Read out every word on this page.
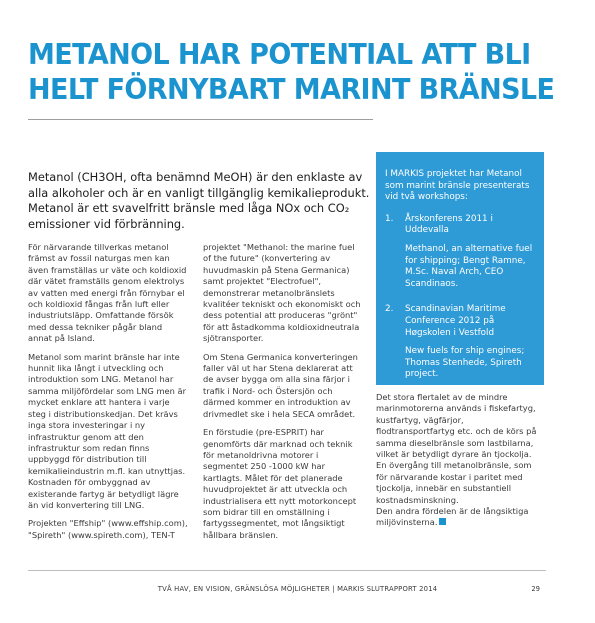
METANOL HAR POTENTIAL ATT BLI
HELT FÖRNYBART MARINT BRÄNSLE

Metanol (CH3OH, ofta benämnd MeOH) är den enklaste av alla alkoholer och är en vanligt tillgänglig kemikalieprodukt. Metanol är ett svavelfritt bränsle med låga NOx och CO₂ emissioner vid förbränning.

För närvarande tillverkas metanol främst av fossil naturgas men kan även framställas ur väte och koldioxid där vätet framställs genom elektrolys av vatten med energi från förnybar el och koldioxid fångas från luft eller industriutsläpp. Omfattande försök med dessa tekniker pågår bland annat på Island.

Metanol som marint bränsle har inte hunnit lika långt i utveckling och introduktion som LNG. Metanol har samma miljöfördelar som LNG men är mycket enklare att hantera i varje steg i distributionskedjan. Det krävs inga stora investeringar i ny infrastruktur genom att den infrastruktur som redan finns uppbyggd för distribution till kemikalieindustrin m.fl. kan utnyttjas. Kostnaden för ombyggnad av existerande fartyg är betydligt lägre än vid konvertering till LNG.

Projekten "Effship" (www.effship.com), "Spireth" (www.spireth.com), TEN-T

projektet "Methanol: the marine fuel of the future" (konvertering av huvudmaskin på Stena Germanica) samt projektet "Electrofuel", demonstrerar metanolbränslets kvalitéer tekniskt och ekonomiskt och dess potential att produceras "grönt" för att åstadkomma koldioxidneutrala sjötransporter.

Om Stena Germanica konverteringen faller väl ut har Stena deklarerat att de avser bygga om alla sina färjor i trafik i Nord- och Östersjön och därmed kommer en introduktion av drivmedlet ske i hela SECA området.

En förstudie (pre-ESPRIT) har genomförts där marknad och teknik för metanoldrivna motorer i segmentet 250 -1000 kW har kartlagts. Målet för det planerade huvudprojektet är att utveckla och industrialisera ett nytt motorkoncept som bidrar till en omställning i fartygssegmentet, mot långsiktigt hållbara bränslen.

I MARKIS projektet har Metanol som marint bränsle presenterats vid två workshops:

1.	Årskonferens 2011 i Uddevalla
Methanol, an alternative fuel for shipping; Bengt Ramne, M.Sc. Naval Arch, CEO Scandinaos.
2.	Scandinavian Maritime Conference 2012 på Høgskolen i Vestfold
New fuels for ship engines; Thomas Stenhede, Spireth project.
Det stora flertalet av de mindre marinmotorerna används i fiskefartyg, kustfartyg, vägfärjor, flodtransportfartyg etc. och de körs på samma dieselbränsle som lastbilarna, vilket är betydligt dyrare än tjockolja. En övergång till metanolbränsle, som för närvarande kostar i paritet med tjockolja, innebär en substantiell kostnadsminskning.
Den andra fördelen är de långsiktiga miljövinsterna.
TVÅ HAV, EN VISION, GRÄNSLÖSA MÖJLIGHETER | MARKIS SLUTRAPPORT 2014	29
